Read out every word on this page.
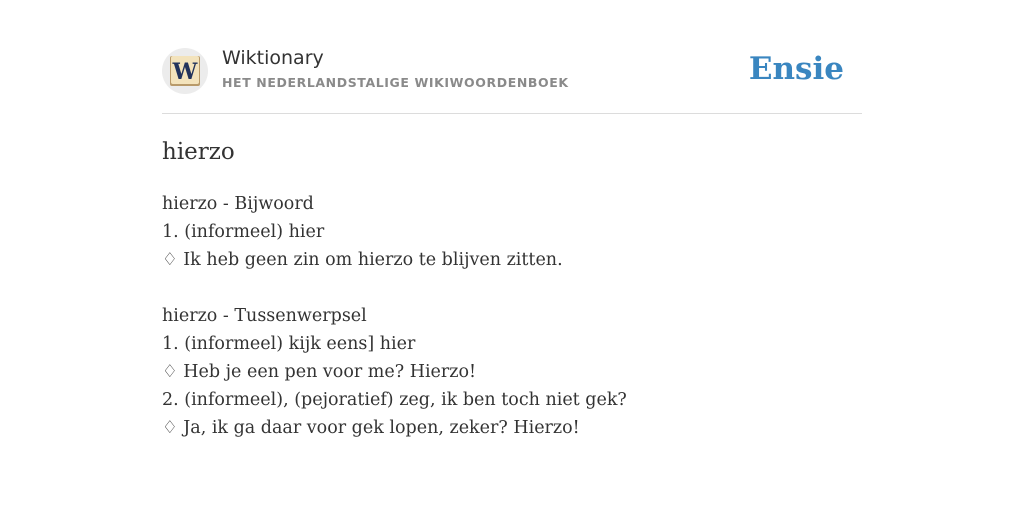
W
Wiktionary
HET NEDERLANDSTALIGE WIKIWOORDENBOEK	Ensie
hierzo
hierzo - Bijwoord
1. (informeel) hier
♢ Ik heb geen zin om hierzo te blijven zitten.
hierzo - Tussenwerpsel
1. (informeel) kijk eens] hier
♢ Heb je een pen voor me? Hierzo!
2. (informeel), (pejoratief) zeg, ik ben toch niet gek?
♢ Ja, ik ga daar voor gek lopen, zeker? Hierzo!
